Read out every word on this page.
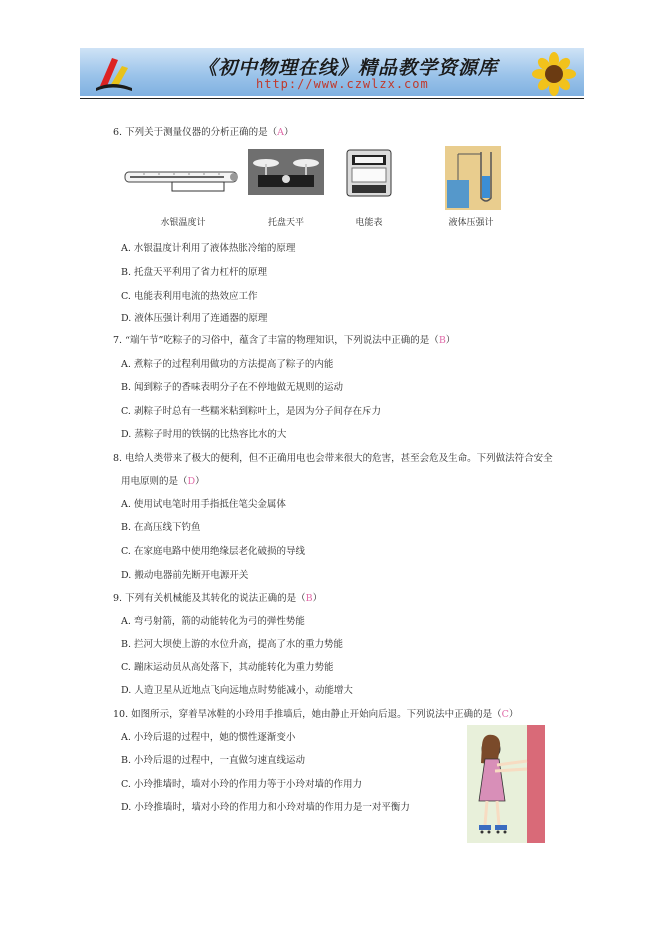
《初中物理在线》精品教学资源库
http://www.czwlzx.com
6. 下列关于测量仪器的分析正确的是（A）
水银温度计	托盘天平	电能表	液体压强计
A. 水银温度计利用了液体热胀冷缩的原理
B. 托盘天平利用了省力杠杆的原理
C. 电能表利用电流的热效应工作
D. 液体压强计利用了连通器的原理
7. “端午节”吃粽子的习俗中，蕴含了丰富的物理知识，下列说法中正确的是（B）
A. 煮粽子的过程利用做功的方法提高了粽子的内能
B. 闻到粽子的香味表明分子在不停地做无规则的运动
C. 剥粽子时总有一些糯米粘到粽叶上，是因为分子间存在斥力
D. 蒸粽子时用的铁锅的比热容比水的大
8. 电给人类带来了极大的便利，但不正确用电也会带来很大的危害，甚至会危及生命。下列做法符合安全
用电原则的是（D）
A. 使用试电笔时用手指抵住笔尖金属体
B. 在高压线下钓鱼
C. 在家庭电路中使用绝缘层老化破损的导线
D. 搬动电器前先断开电源开关
9. 下列有关机械能及其转化的说法正确的是（B）
A. 弯弓射箭，箭的动能转化为弓的弹性势能
B. 拦河大坝使上游的水位升高，提高了水的重力势能
C. 蹦床运动员从高处落下，其动能转化为重力势能
D. 人造卫星从近地点飞向远地点时势能减小，动能增大
10. 如图所示，穿着旱冰鞋的小玲用手推墙后，她由静止开始向后退。下列说法中正确的是（C）
A. 小玲后退的过程中，她的惯性逐渐变小
B. 小玲后退的过程中，一直做匀速直线运动
C. 小玲推墙时，墙对小玲的作用力等于小玲对墙的作用力
D. 小玲推墙时，墙对小玲的作用力和小玲对墙的作用力是一对平衡力
